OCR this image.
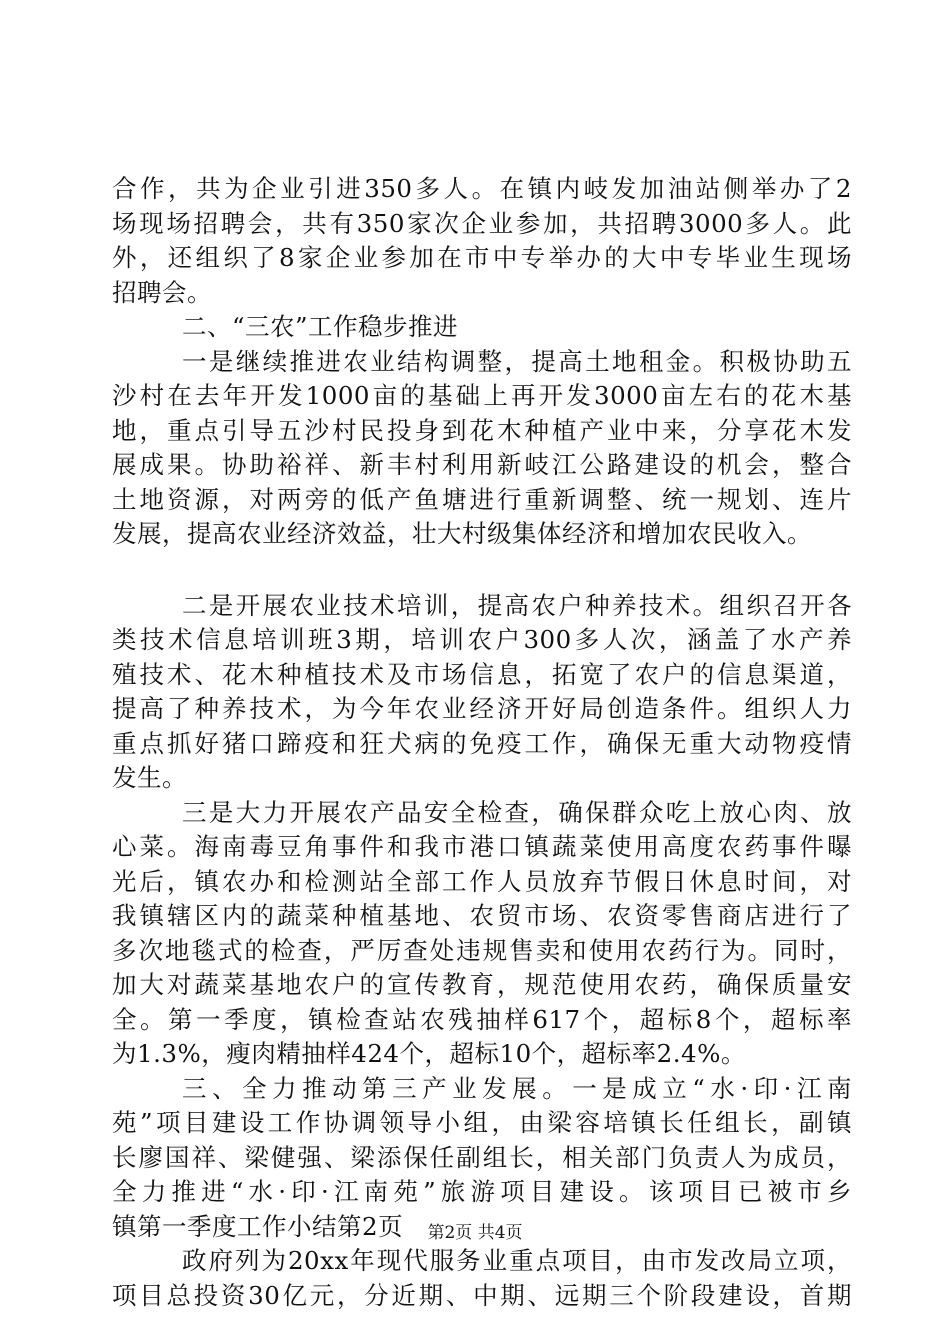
合作，共为企业引进350多人。在镇内岐发加油站侧举办了2
场现场招聘会，共有350家次企业参加，共招聘3000多人。此
外，还组织了8家企业参加在市中专举办的大中专毕业生现场
招聘会。
二、“三农”工作稳步推进
一是继续推进农业结构调整，提高土地租金。积极协助五
沙村在去年开发1000亩的基础上再开发3000亩左右的花木基
地，重点引导五沙村民投身到花木种植产业中来，分享花木发
展成果。协助裕祥、新丰村利用新岐江公路建设的机会，整合
土地资源，对两旁的低产鱼塘进行重新调整、统一规划、连片
发展，提高农业经济效益，壮大村级集体经济和增加农民收入。
二是开展农业技术培训，提高农户种养技术。组织召开各
类技术信息培训班3期，培训农户300多人次，涵盖了水产养
殖技术、花木种植技术及市场信息，拓宽了农户的信息渠道，
提高了种养技术，为今年农业经济开好局创造条件。组织人力
重点抓好猪口蹄疫和狂犬病的免疫工作，确保无重大动物疫情
发生。
三是大力开展农产品安全检查，确保群众吃上放心肉、放
心菜。海南毒豆角事件和我市港口镇蔬菜使用高度农药事件曝
光后，镇农办和检测站全部工作人员放弃节假日休息时间，对
我镇辖区内的蔬菜种植基地、农贸市场、农资零售商店进行了
多次地毯式的检查，严厉查处违规售卖和使用农药行为。同时，
加大对蔬菜基地农户的宣传教育，规范使用农药，确保质量安
全。第一季度，镇检查站农残抽样617个，超标8个，超标率
为1.3%，瘦肉精抽样424个，超标10个，超标率2.4%。
三、全力推动第三产业发展。一是成立“水·印·江南
苑”项目建设工作协调领导小组，由梁容培镇长任组长，副镇
长廖国祥、梁健强、梁添保任副组长，相关部门负责人为成员，
全力推进“水·印·江南苑”旅游项目建设。该项目已被市乡
镇第一季度工作小结第2页
政府列为20xx年现代服务业重点项目，由市发改局立项，
项目总投资30亿元，分近期、中期、远期三个阶段建设，首期
第2页 共4页
